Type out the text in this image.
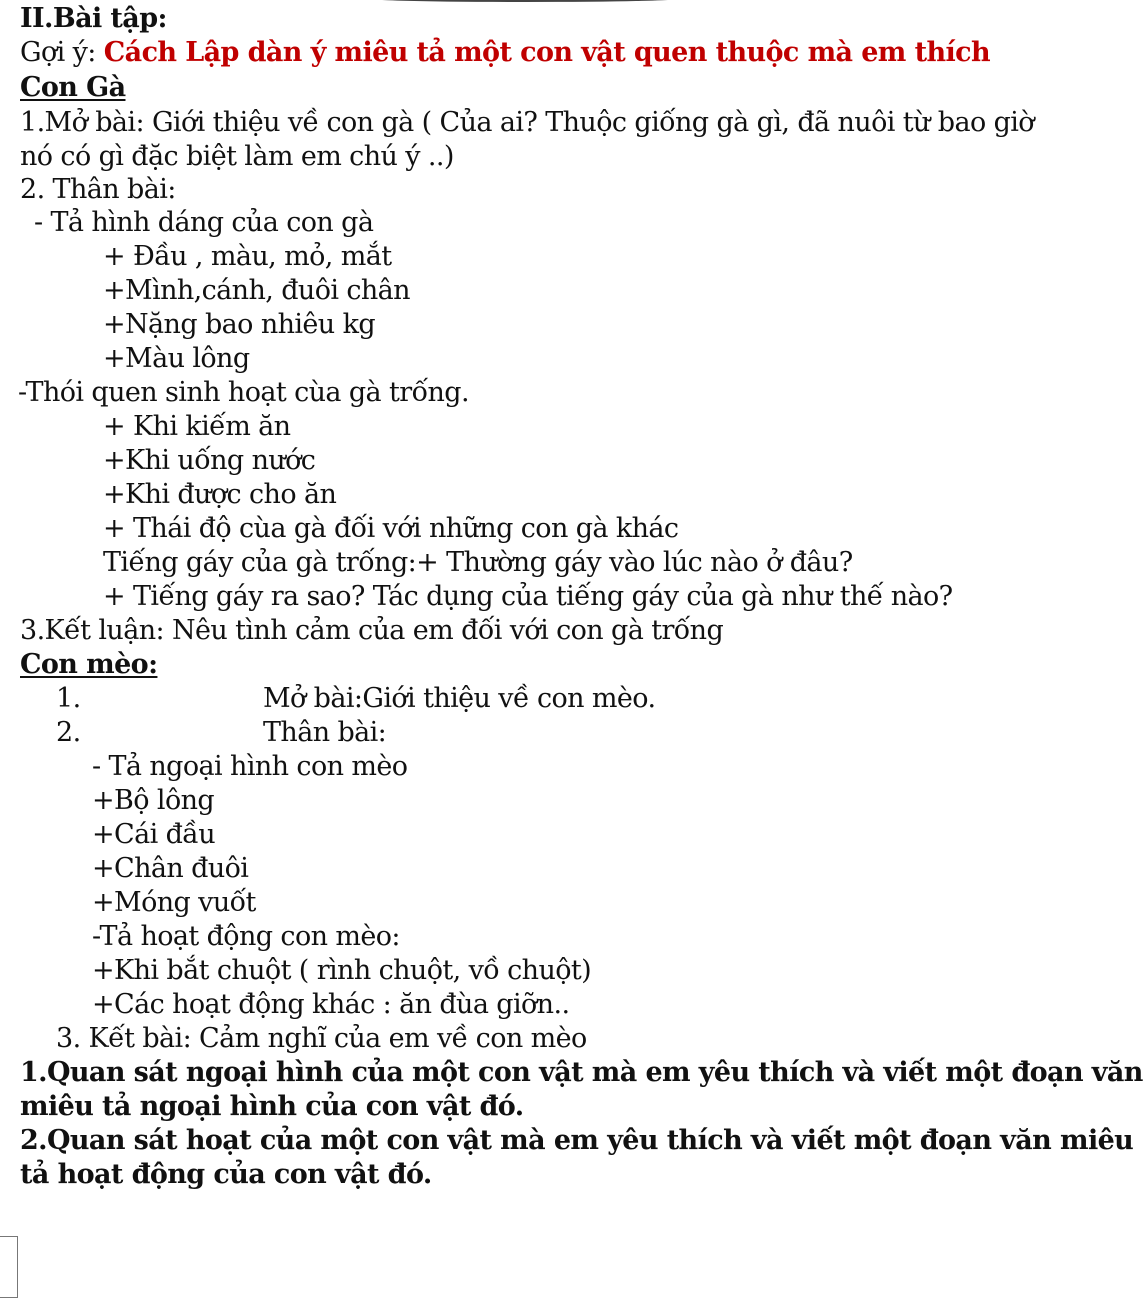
II.Bài tập:
Gợi ý: Cách Lập dàn ý miêu tả một con vật quen thuộc mà em thích
Con Gà
1.Mở bài: Giới thiệu về con gà ( Của ai? Thuộc giống gà gì, đã nuôi từ bao giờ
nó có gì đặc biệt làm em chú ý ..)
2. Thân bài:
- Tả hình dáng của con gà
+ Đầu , màu, mỏ, mắt
+Mình,cánh, đuôi chân
+Nặng bao nhiêu kg
+Màu lông
-Thói quen sinh hoạt cùa gà trống.
+ Khi kiếm ăn
+Khi uống nước
+Khi được cho ăn
+ Thái độ cùa gà đối với những con gà khác
Tiếng gáy của gà trống:+ Thường gáy vào lúc nào ở đâu?
+ Tiếng gáy ra sao? Tác dụng của tiếng gáy của gà như thế nào?
3.Kết luận: Nêu tình cảm của em đối với con gà trống
Con mèo:
1.	Mở bài:Giới thiệu về con mèo.
2.	Thân bài:
- Tả ngoại hình con mèo
+Bộ lông
+Cái đầu
+Chân đuôi
+Móng vuốt
-Tả hoạt động con mèo:
+Khi bắt chuột ( rình chuột, vồ chuột)
+Các hoạt động khác : ăn đùa giỡn..
3. Kết bài: Cảm nghĩ của em về con mèo
1.Quan sát ngoại hình của một con vật mà em yêu thích và viết một đoạn văn
miêu tả ngoại hình của con vật đó.
2.Quan sát hoạt của một con vật mà em yêu thích và viết một đoạn văn miêu
tả hoạt động của con vật đó.
